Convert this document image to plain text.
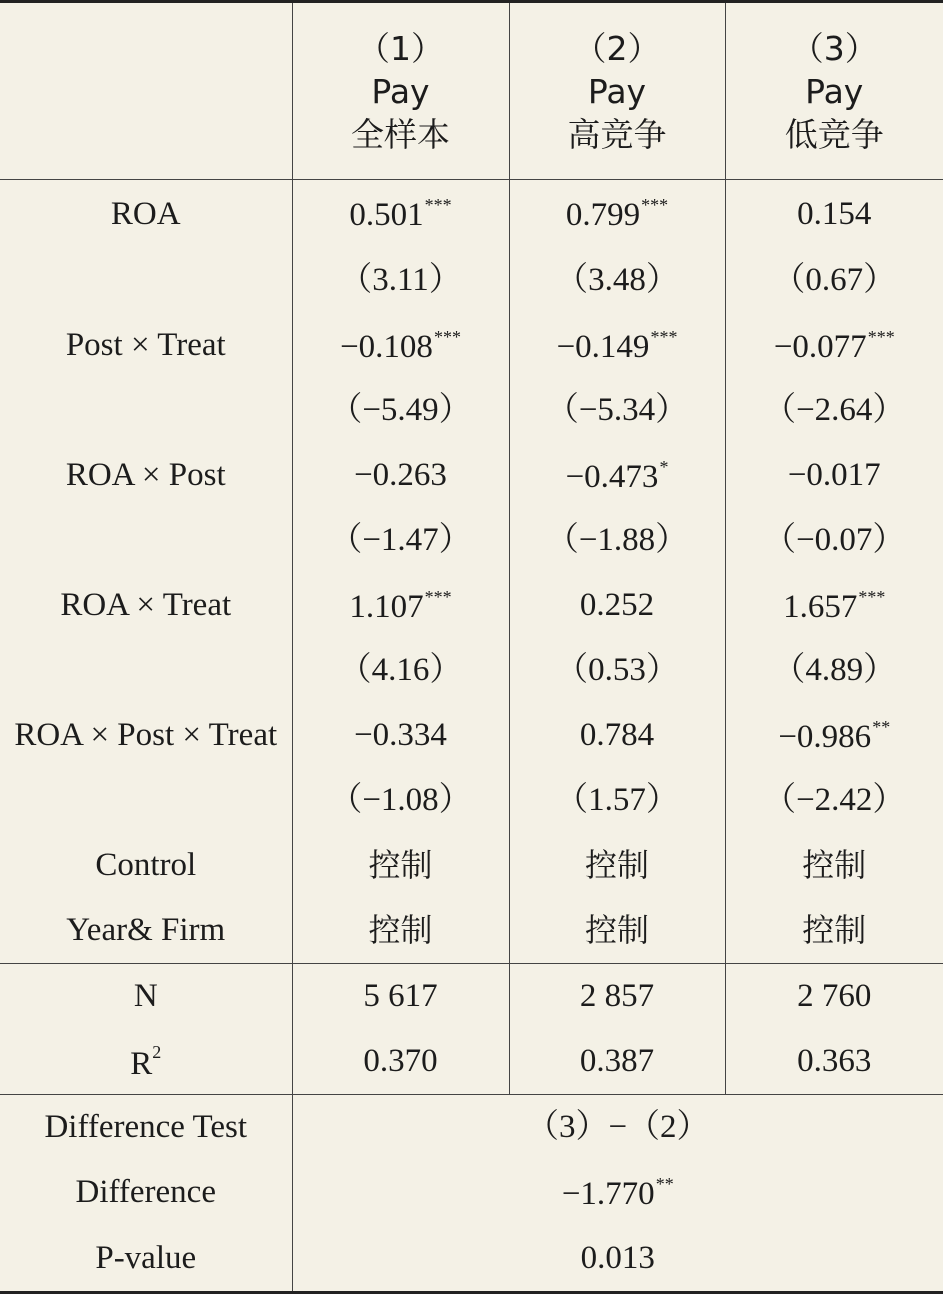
	（1）
Pay
全样本	（2）
Pay
高竞争	（3）
Pay
低竞争

ROA	0.501***	0.799***	0.154
	（3.11）	（3.48）	（0.67）
Post × Treat	−0.108***	−0.149***	−0.077***
	（−5.49）	（−5.34）	（−2.64）
ROA × Post	−0.263	−0.473*	−0.017
	（−1.47）	（−1.88）	（−0.07）
ROA × Treat	1.107***	0.252	1.657***
	（4.16）	（0.53）	（4.89）
ROA × Post × Treat	−0.334	0.784	−0.986**
	（−1.08）	（1.57）	（−2.42）
Control	控制	控制	控制
Year& Firm	控制	控制	控制
N	5 617	2 857	2 760
$R^2$	0.370	0.387	0.363
Difference Test	（3）−（2）		
Difference	−1.770**
P-value	0.013		
